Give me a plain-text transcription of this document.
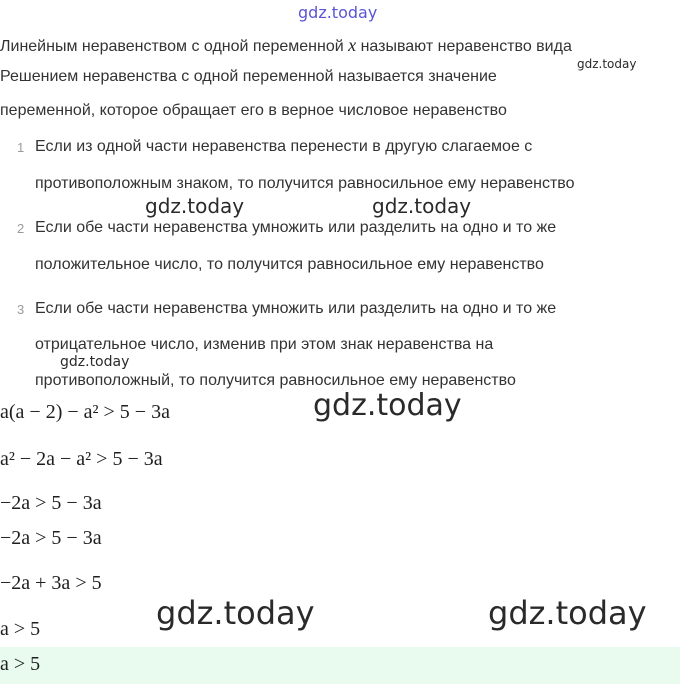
gdz.today
Линейным неравенством с одной переменной x называют неравенство вида
Решением неравенства с одной переменной называется значение
gdz.today
переменной, которое обращает его в верное числовое неравенство
1 Если из одной части неравенства перенести в другую слагаемое с
противоположным знаком, то получится равносильное ему неравенство
gdz.today	gdz.today
2 Если обе части неравенства умножить или разделить на одно и то же
положительное число, то получится равносильное ему неравенство
3 Если обе части неравенства умножить или разделить на одно и то же
отрицательное число, изменив при этом знак неравенства на
gdz.today
противоположный, то получится равносильное ему неравенство
a(a − 2) − a² > 5 − 3a	gdz.today
a² − 2a − a² > 5 − 3a
−2a > 5 − 3a
−2a > 5 − 3a
−2a + 3a > 5
gdz.today	gdz.today
a > 5
a > 5
